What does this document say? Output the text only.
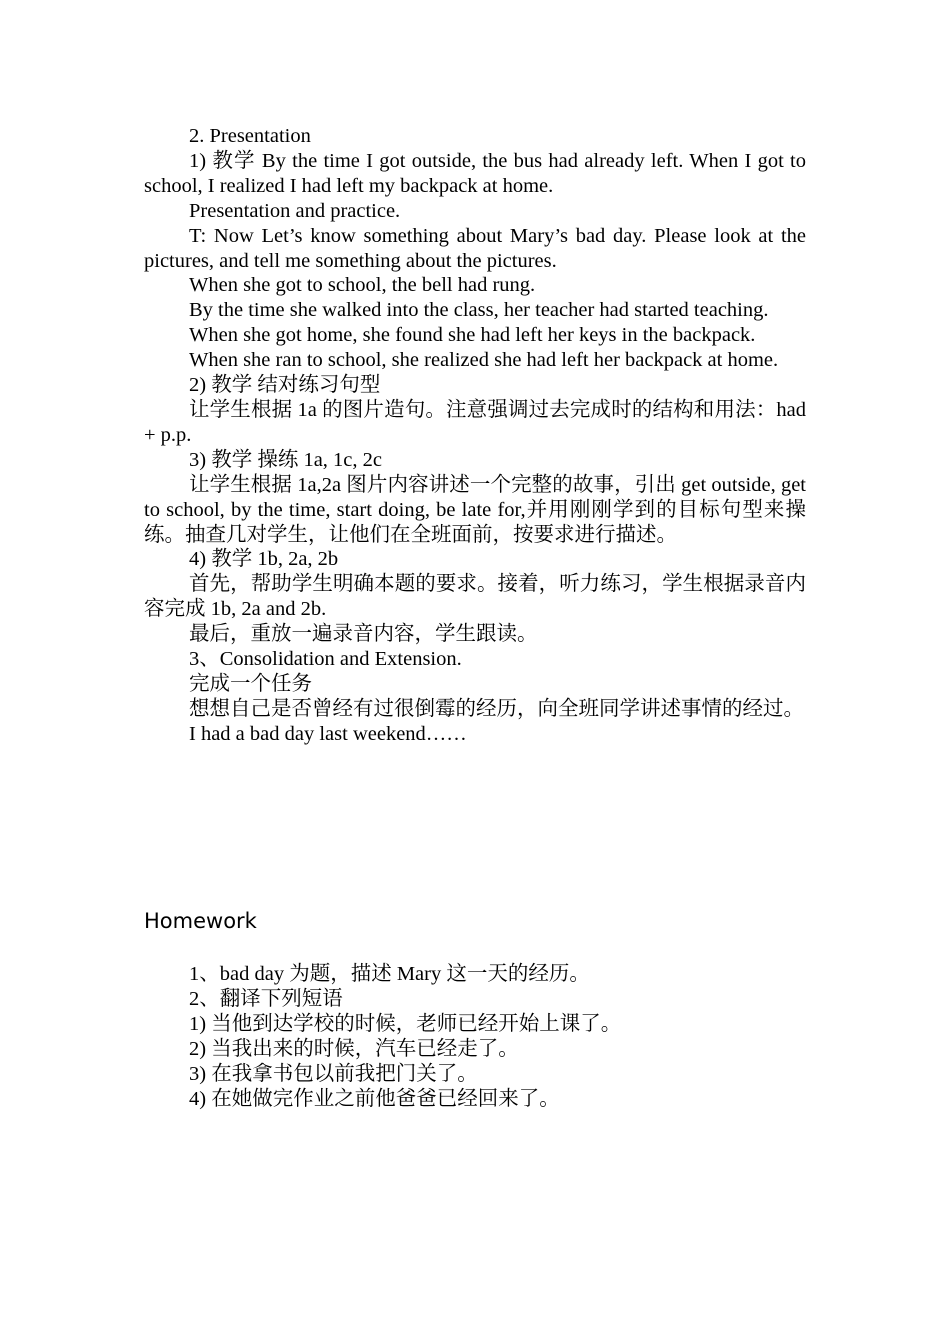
2. Presentation

1) 教学 By the time I got outside, the bus had already left. When I got to school, I realized I had left my backpack at home.

Presentation and practice.

T: Now Let’s know something about Mary’s bad day. Please look at the pictures, and tell me something about the pictures.

When she got to school, the bell had rung.

By the time she walked into the class, her teacher had started teaching.

When she got home, she found she had left her keys in the backpack.

When she ran to school, she realized she had left her backpack at home.

2) 教学 结对练习句型

让学生根据 1a 的图片造句。注意强调过去完成时的结构和用法：had + p.p.

3) 教学 操练 1a, 1c, 2c

让学生根据 1a,2a 图片内容讲述一个完整的故事，引出 get outside, get to school, by the time, start doing, be late for,并用刚刚学到的目标句型来操练。抽查几对学生，让他们在全班面前，按要求进行描述。

4) 教学 1b, 2a, 2b

首先，帮助学生明确本题的要求。接着，听力练习，学生根据录音内容完成 1b, 2a and 2b.

最后，重放一遍录音内容，学生跟读。

3、Consolidation and Extension.

完成一个任务

想想自己是否曾经有过很倒霉的经历，向全班同学讲述事情的经过。

I had a bad day last weekend……

Homework

1、bad day 为题，描述 Mary 这一天的经历。

2、翻译下列短语

1) 当他到达学校的时候，老师已经开始上课了。

2) 当我出来的时候，汽车已经走了。

3) 在我拿书包以前我把门关了。

4) 在她做完作业之前他爸爸已经回来了。
